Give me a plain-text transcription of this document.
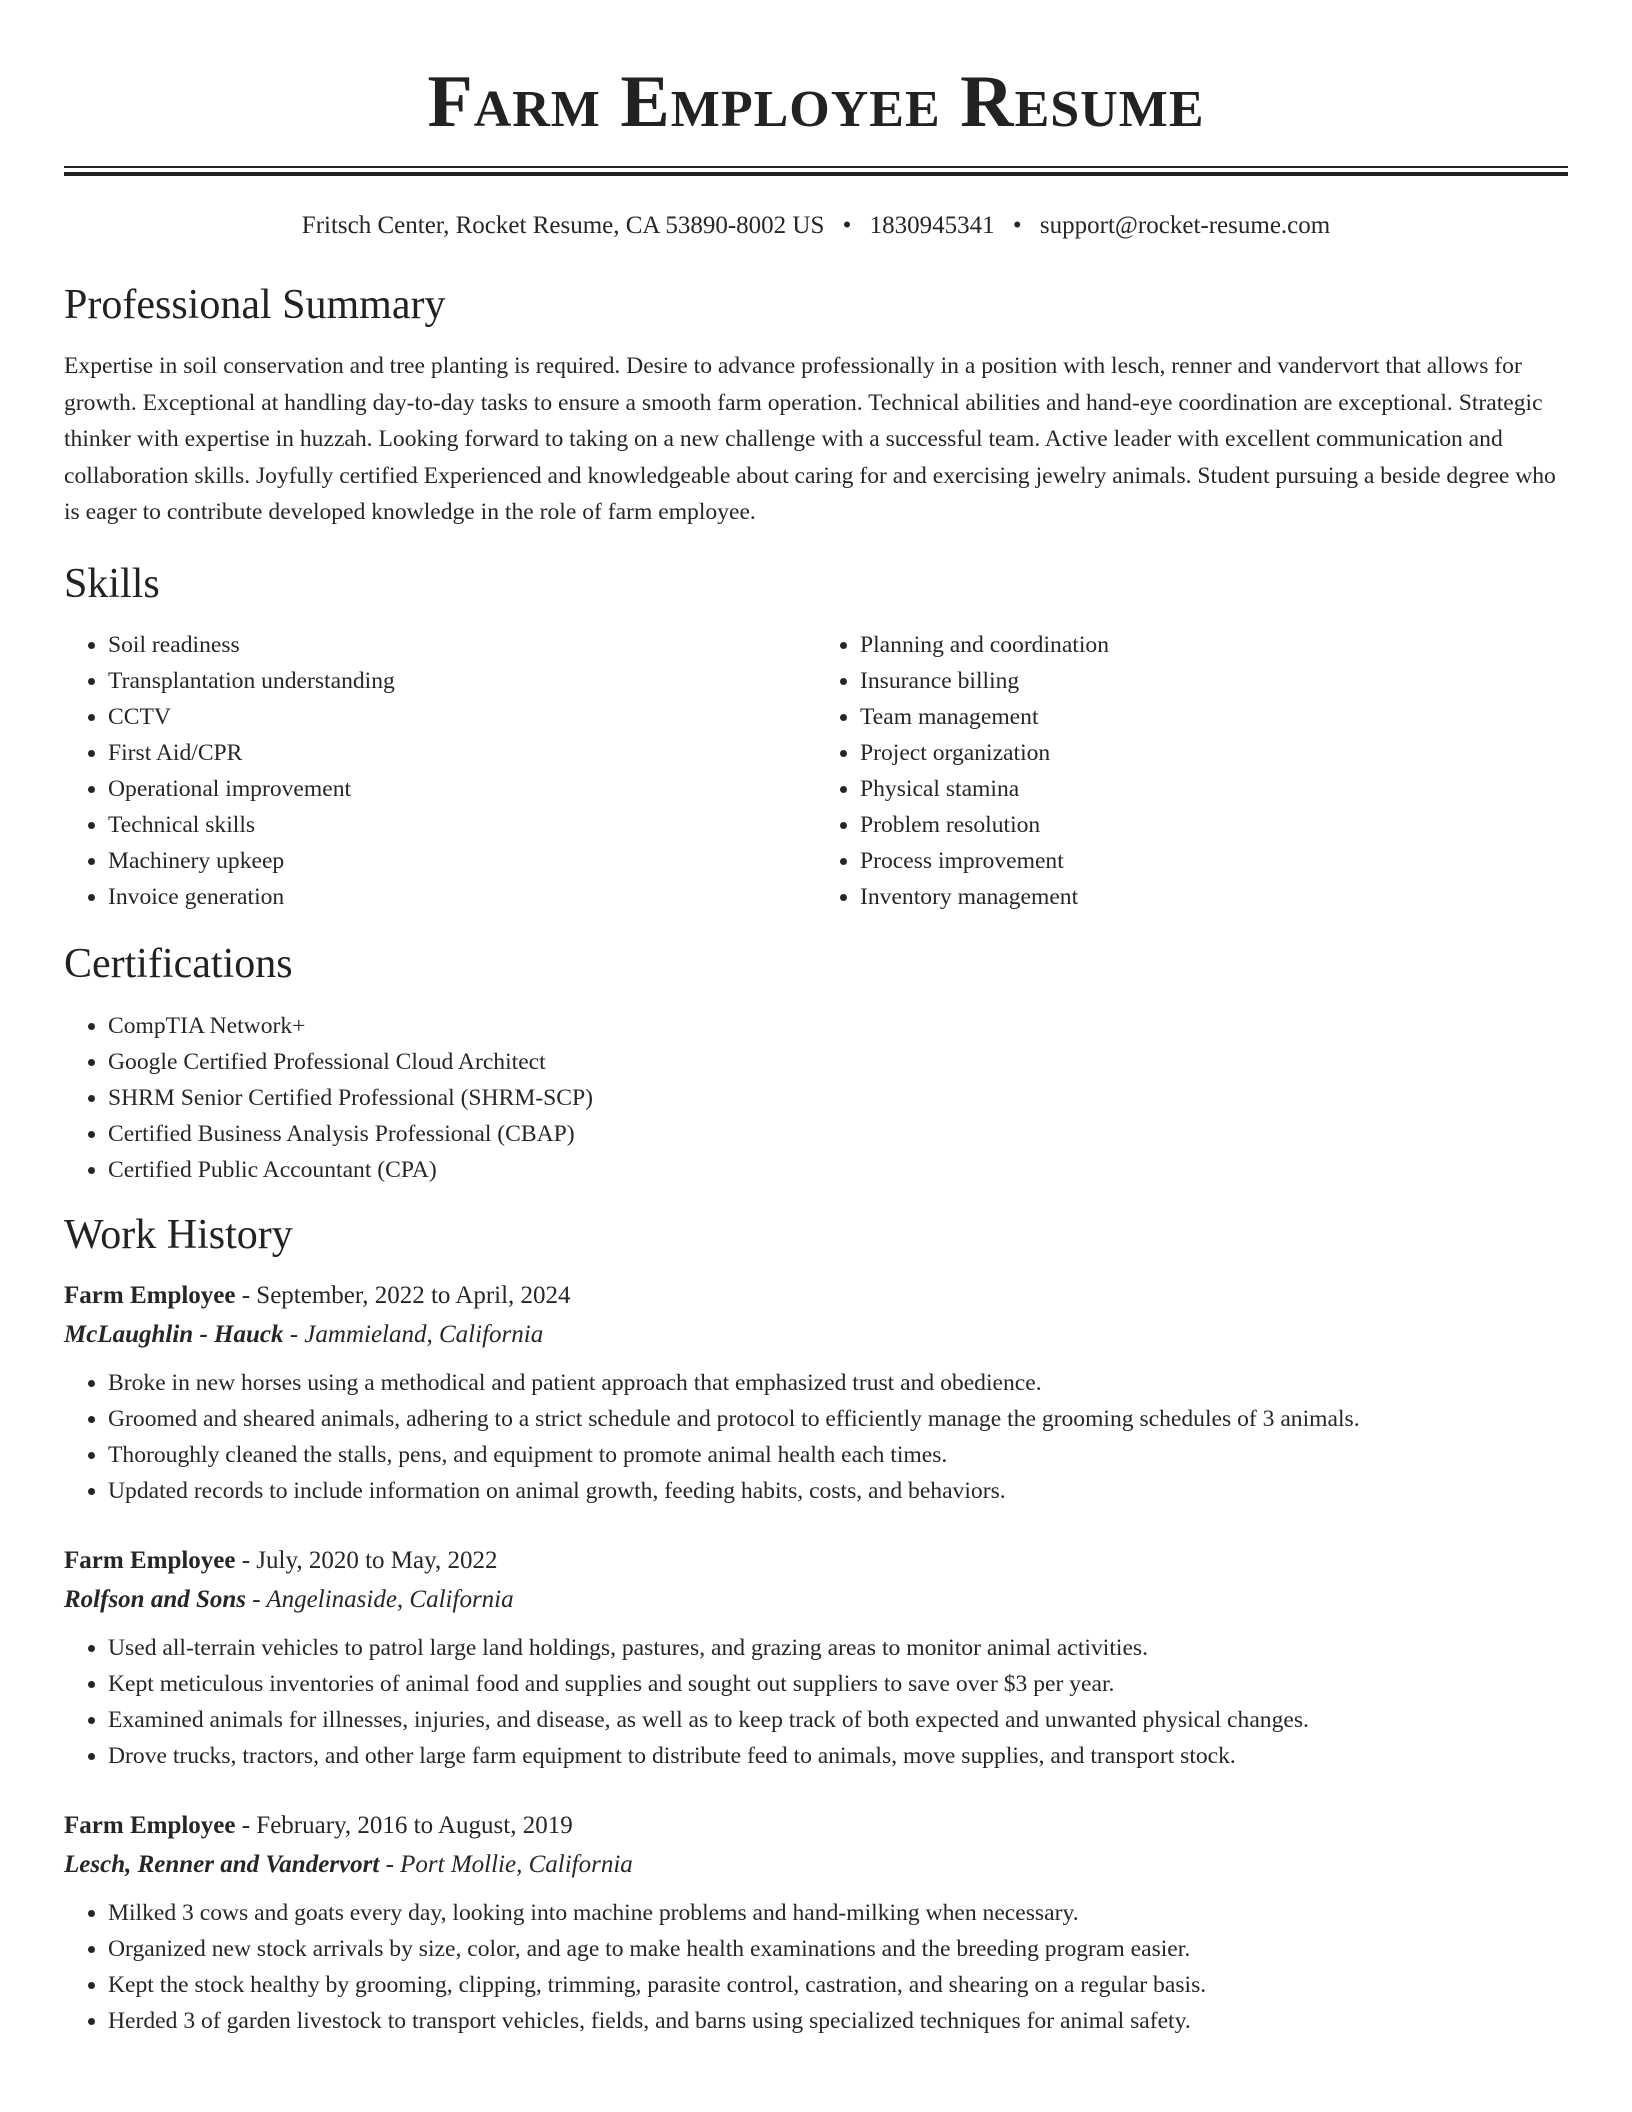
Farm Employee Resume
Fritsch Center, Rocket Resume, CA 53890-8002 US • 1830945341 • support@rocket-resume.com
Professional Summary

Expertise in soil conservation and tree planting is required. Desire to advance professionally in a position with lesch, renner and vandervort that allows for growth. Exceptional at handling day-to-day tasks to ensure a smooth farm operation. Technical abilities and hand-eye coordination are exceptional. Strategic thinker with expertise in huzzah. Looking forward to taking on a new challenge with a successful team. Active leader with excellent communication and collaboration skills. Joyfully certified Experienced and knowledgeable about caring for and exercising jewelry animals. Student pursuing a beside degree who is eager to contribute developed knowledge in the role of farm employee.

Skills
• Soil readiness
• Transplantation understanding
• CCTV
• First Aid/CPR
• Operational improvement
• Technical skills
• Machinery upkeep
• Invoice generation
• Planning and coordination
• Insurance billing
• Team management
• Project organization
• Physical stamina
• Problem resolution
• Process improvement
• Inventory management
Certifications
• CompTIA Network+
• Google Certified Professional Cloud Architect
• SHRM Senior Certified Professional (SHRM-SCP)
• Certified Business Analysis Professional (CBAP)
• Certified Public Accountant (CPA)
Work History
Farm Employee - September, 2022 to April, 2024
McLaughlin - Hauck - Jammieland, California
• Broke in new horses using a methodical and patient approach that emphasized trust and obedience.
• Groomed and sheared animals, adhering to a strict schedule and protocol to efficiently manage the grooming schedules of 3 animals.
• Thoroughly cleaned the stalls, pens, and equipment to promote animal health each times.
• Updated records to include information on animal growth, feeding habits, costs, and behaviors.
Farm Employee - July, 2020 to May, 2022
Rolfson and Sons - Angelinaside, California
• Used all-terrain vehicles to patrol large land holdings, pastures, and grazing areas to monitor animal activities.
• Kept meticulous inventories of animal food and supplies and sought out suppliers to save over $3 per year.
• Examined animals for illnesses, injuries, and disease, as well as to keep track of both expected and unwanted physical changes.
• Drove trucks, tractors, and other large farm equipment to distribute feed to animals, move supplies, and transport stock.
Farm Employee - February, 2016 to August, 2019
Lesch, Renner and Vandervort - Port Mollie, California
• Milked 3 cows and goats every day, looking into machine problems and hand-milking when necessary.
• Organized new stock arrivals by size, color, and age to make health examinations and the breeding program easier.
• Kept the stock healthy by grooming, clipping, trimming, parasite control, castration, and shearing on a regular basis.
• Herded 3 of garden livestock to transport vehicles, fields, and barns using specialized techniques for animal safety.
